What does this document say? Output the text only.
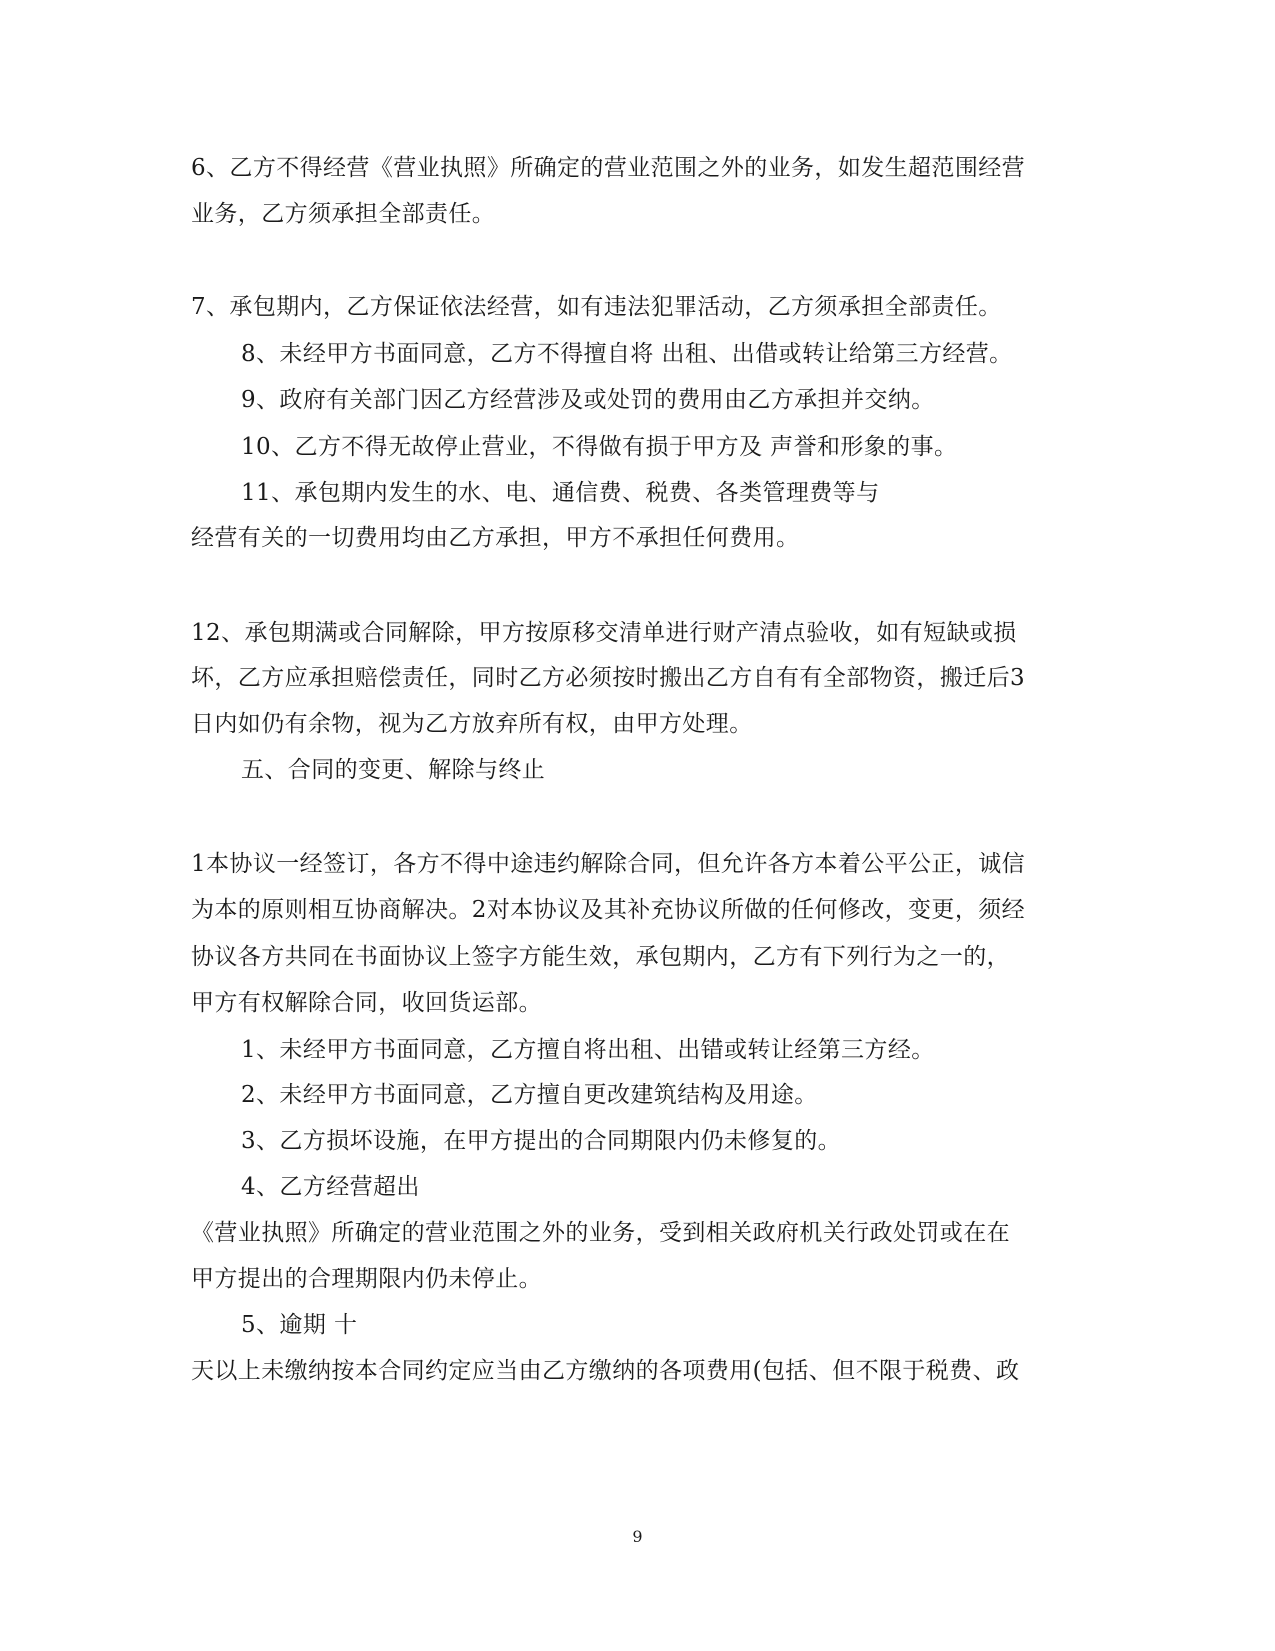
6、乙方不得经营《营业执照》所确定的营业范围之外的业务，如发生超范围经营
业务，乙方须承担全部责任。
7、承包期内，乙方保证依法经营，如有违法犯罪活动，乙方须承担全部责任。
8、未经甲方书面同意，乙方不得擅自将 出租、出借或转让给第三方经营。
9、政府有关部门因乙方经营涉及或处罚的费用由乙方承担并交纳。
10、乙方不得无故停止营业，不得做有损于甲方及 声誉和形象的事。
11、承包期内发生的水、电、通信费、税费、各类管理费等与
经营有关的一切费用均由乙方承担，甲方不承担任何费用。
12、承包期满或合同解除，甲方按原移交清单进行财产清点验收，如有短缺或损
坏，乙方应承担赔偿责任，同时乙方必须按时搬出乙方自有有全部物资，搬迁后3
日内如仍有余物，视为乙方放弃所有权，由甲方处理。
五、合同的变更、解除与终止
1本协议一经签订，各方不得中途违约解除合同，但允许各方本着公平公正，诚信
为本的原则相互协商解决。2对本协议及其补充协议所做的任何修改，变更，须经
协议各方共同在书面协议上签字方能生效，承包期内，乙方有下列行为之一的，
甲方有权解除合同，收回货运部。
1、未经甲方书面同意，乙方擅自将出租、出错或转让经第三方经。
2、未经甲方书面同意，乙方擅自更改建筑结构及用途。
3、乙方损坏设施，在甲方提出的合同期限内仍未修复的。
4、乙方经营超出
《营业执照》所确定的营业范围之外的业务，受到相关政府机关行政处罚或在在
甲方提出的合理期限内仍未停止。
5、逾期 十
天以上未缴纳按本合同约定应当由乙方缴纳的各项费用(包括、但不限于税费、政
9
